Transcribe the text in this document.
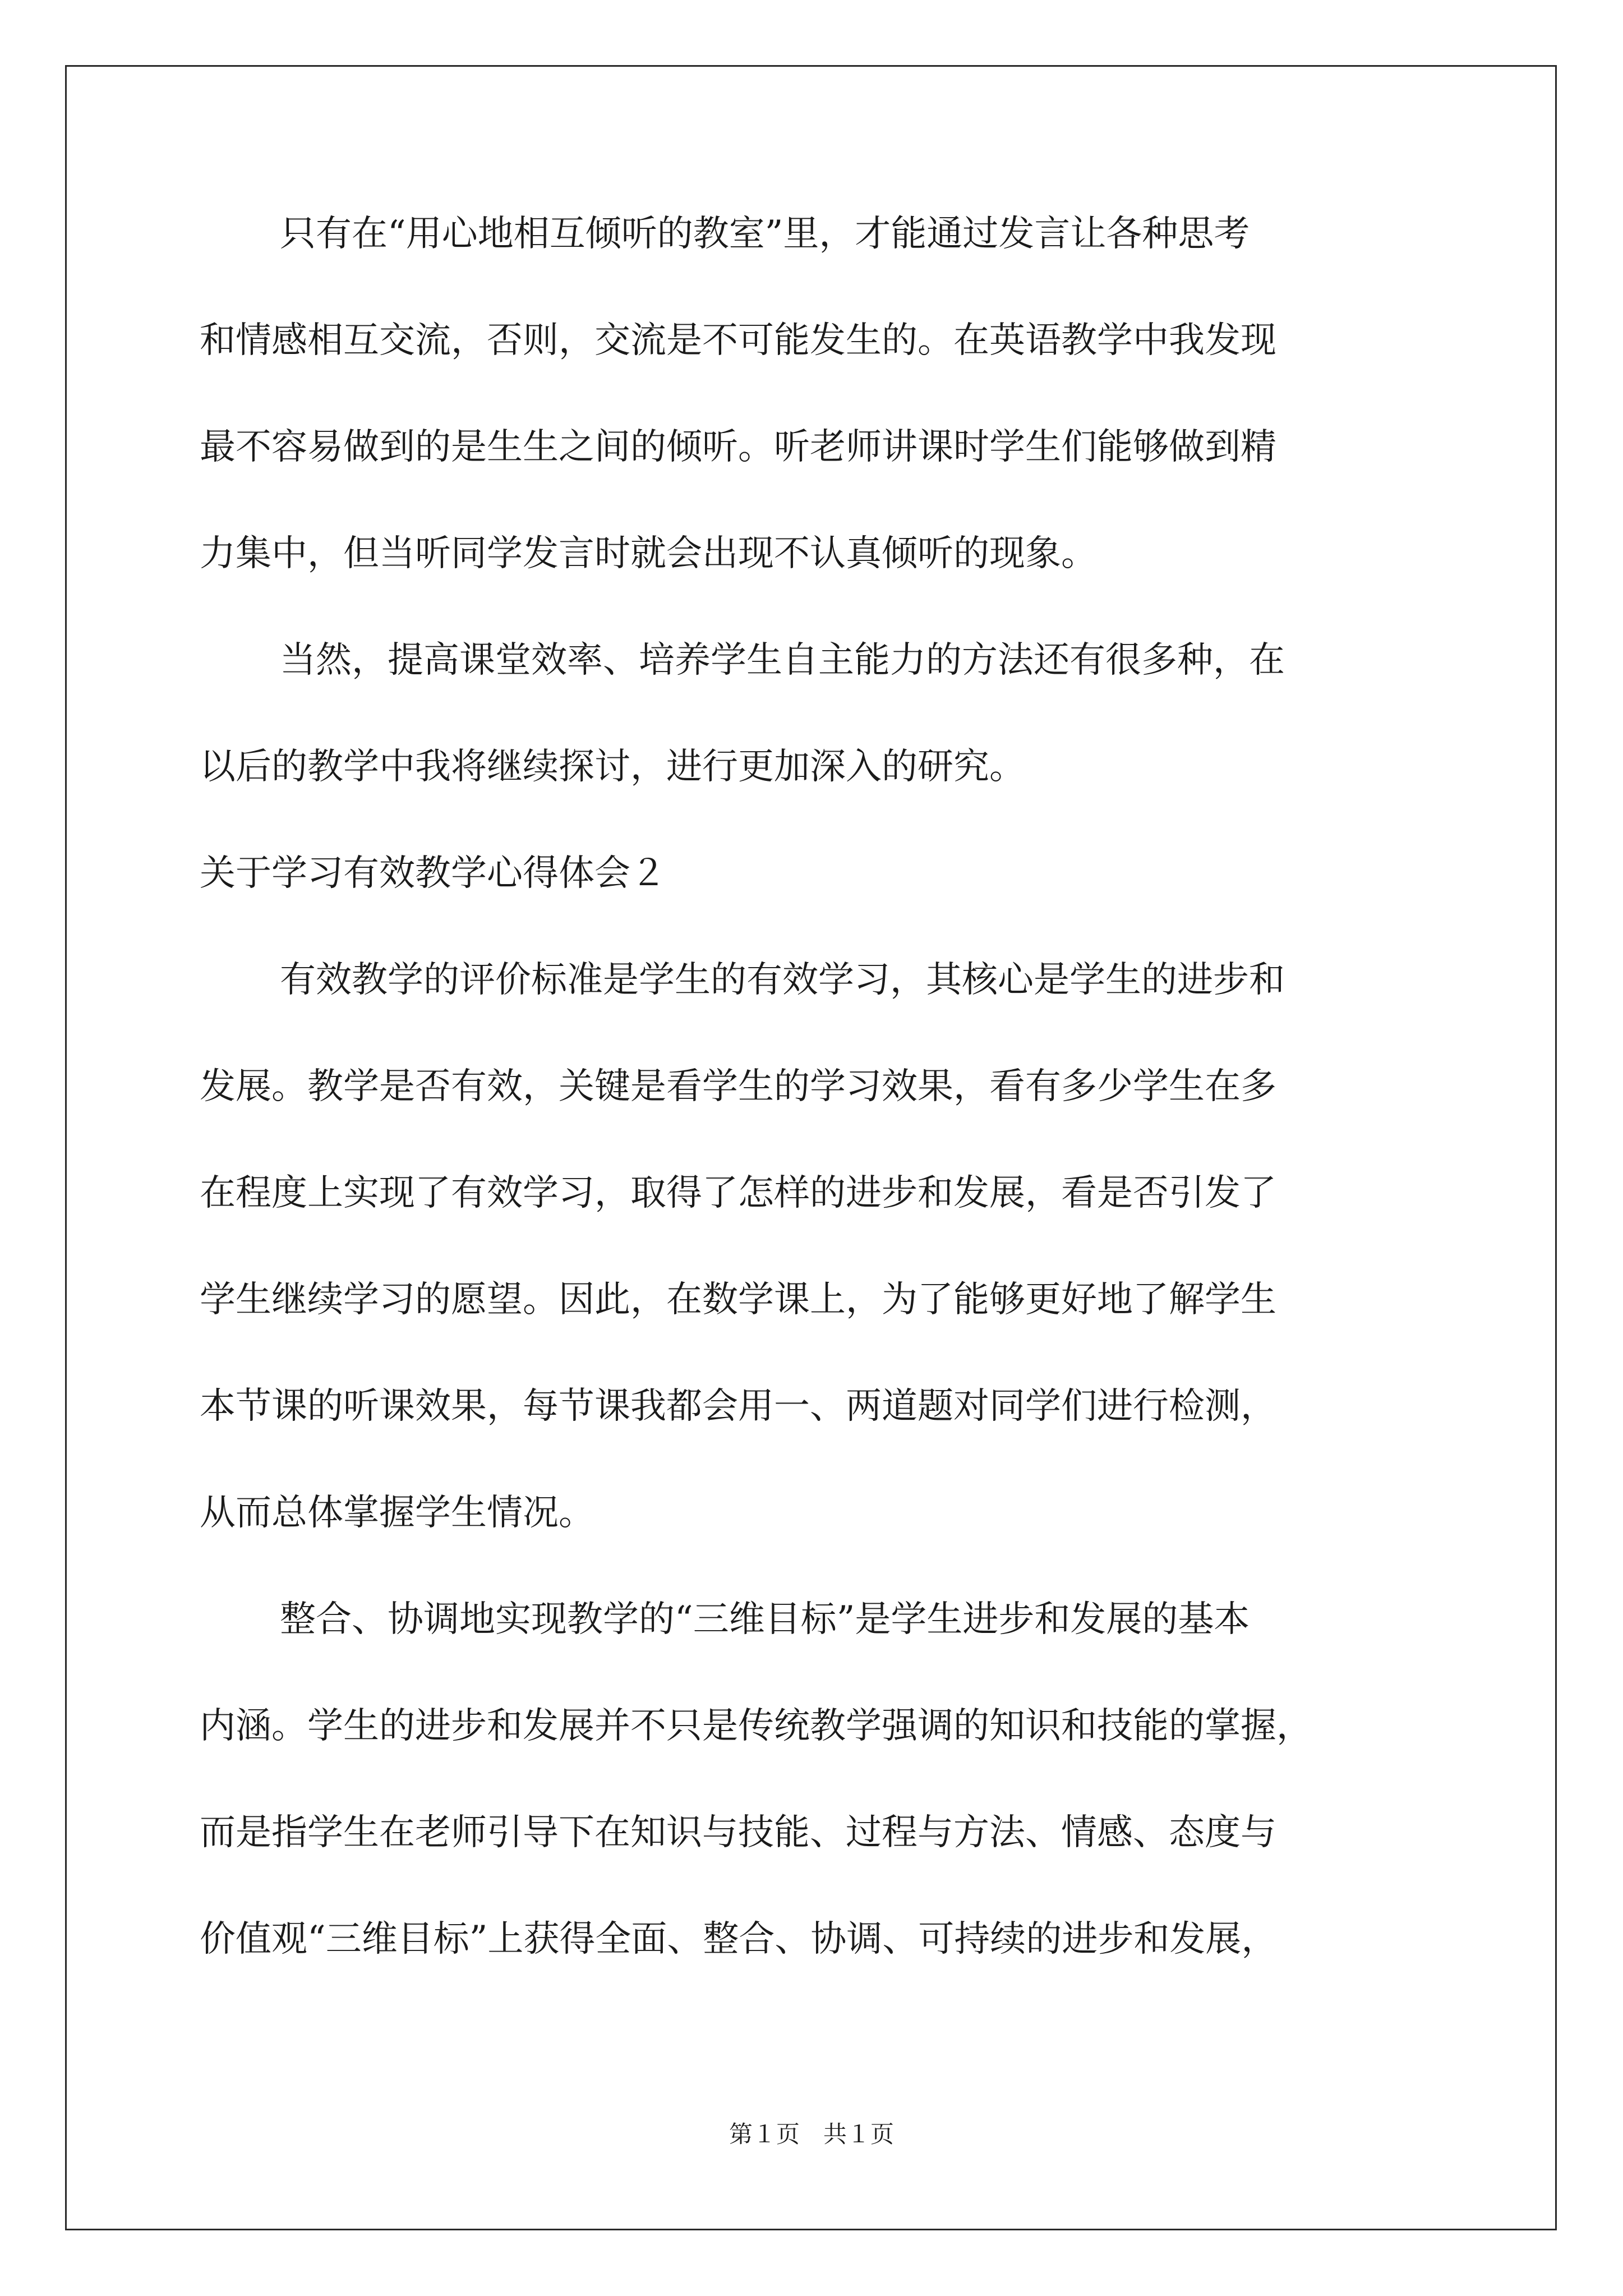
只有在“用心地相互倾听的教室”里，才能通过发言让各种思考
和情感相互交流，否则，交流是不可能发生的。在英语教学中我发现
最不容易做到的是生生之间的倾听。听老师讲课时学生们能够做到精
力集中，但当听同学发言时就会出现不认真倾听的现象。
当然，提高课堂效率、培养学生自主能力的方法还有很多种，在
以后的教学中我将继续探讨，进行更加深入的研究。
关于学习有效教学心得体会２
有效教学的评价标准是学生的有效学习，其核心是学生的进步和
发展。教学是否有效，关键是看学生的学习效果，看有多少学生在多
在程度上实现了有效学习，取得了怎样的进步和发展，看是否引发了
学生继续学习的愿望。因此，在数学课上，为了能够更好地了解学生
本节课的听课效果，每节课我都会用一、两道题对同学们进行检测，
从而总体掌握学生情况。
整合、协调地实现教学的“三维目标”是学生进步和发展的基本
内涵。学生的进步和发展并不只是传统教学强调的知识和技能的掌握，
而是指学生在老师引导下在知识与技能、过程与方法、情感、态度与
价值观“三维目标”上获得全面、整合、协调、可持续的进步和发展，
第１页　共１页
